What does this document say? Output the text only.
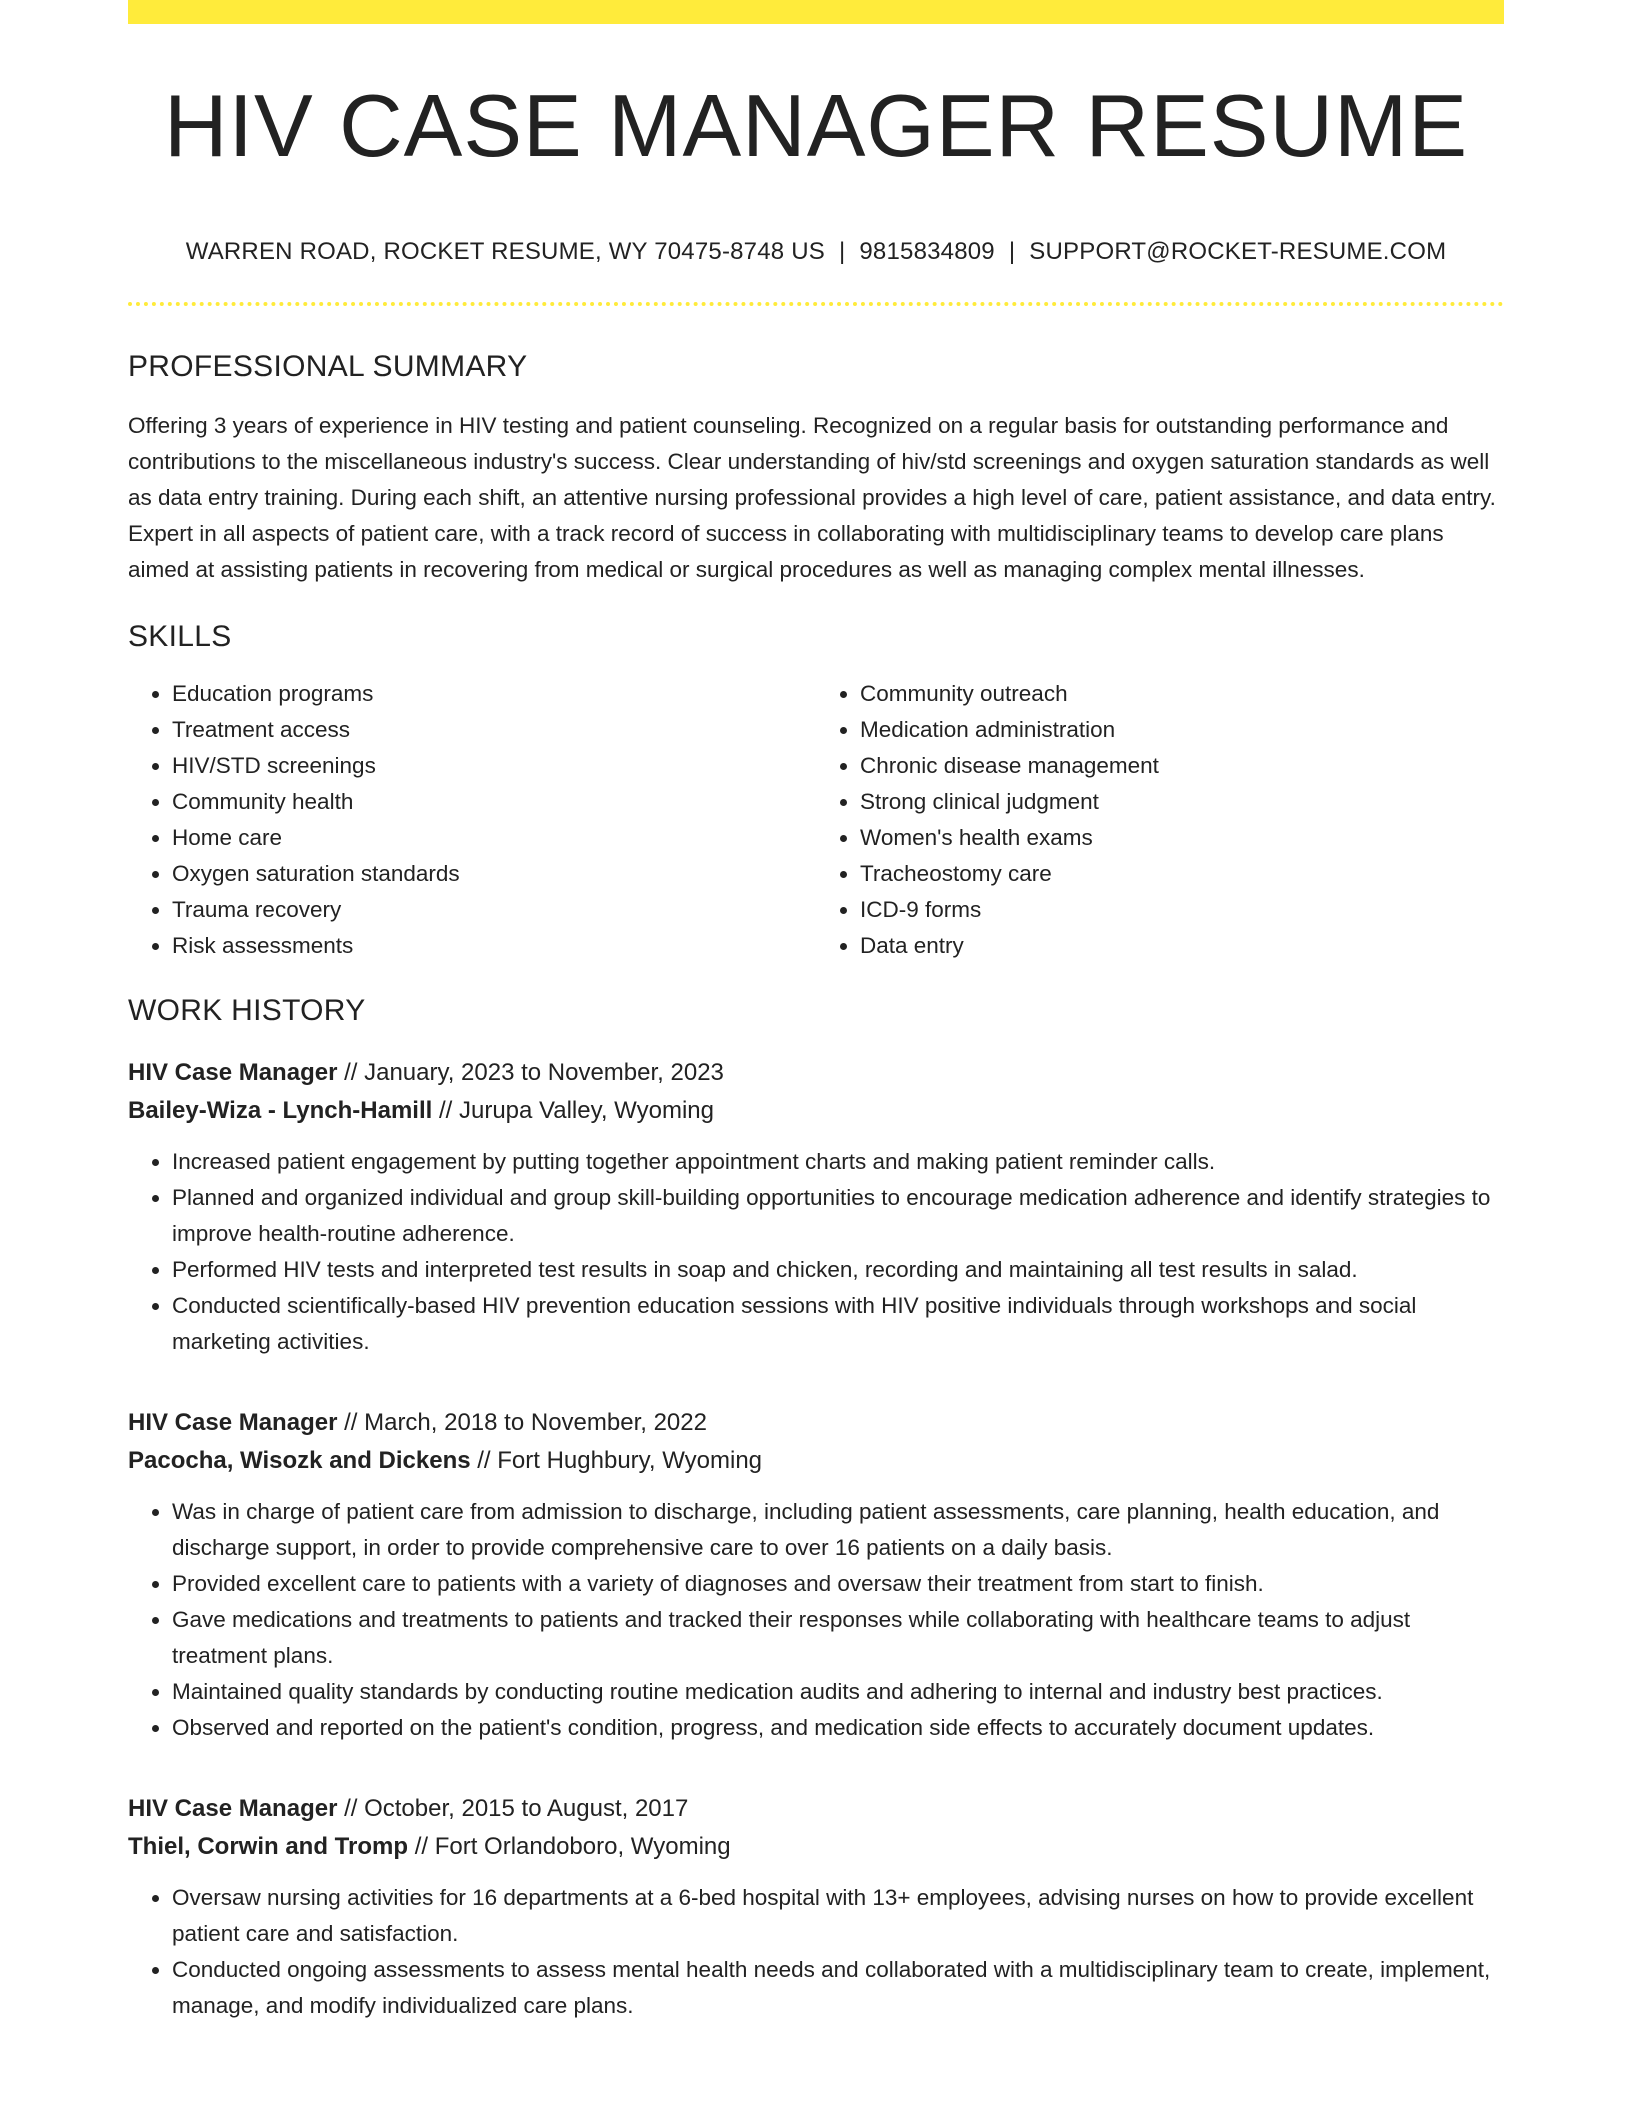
HIV CASE MANAGER RESUME
WARREN ROAD, ROCKET RESUME, WY 70475-8748 US | 9815834809 | SUPPORT@ROCKET-RESUME.COM
PROFESSIONAL SUMMARY

Offering 3 years of experience in HIV testing and patient counseling. Recognized on a regular basis for outstanding performance and contributions to the miscellaneous industry's success. Clear understanding of hiv/std screenings and oxygen saturation standards as well as data entry training. During each shift, an attentive nursing professional provides a high level of care, patient assistance, and data entry. Expert in all aspects of patient care, with a track record of success in collaborating with multidisciplinary teams to develop care plans aimed at assisting patients in recovering from medical or surgical procedures as well as managing complex mental illnesses.

SKILLS
• Education programs
• Treatment access
• HIV/STD screenings
• Community health
• Home care
• Oxygen saturation standards
• Trauma recovery
• Risk assessments
• Community outreach
• Medication administration
• Chronic disease management
• Strong clinical judgment
• Women's health exams
• Tracheostomy care
• ICD-9 forms
• Data entry
WORK HISTORY
HIV Case Manager // January, 2023 to November, 2023
Bailey-Wiza - Lynch-Hamill // Jurupa Valley, Wyoming
• Increased patient engagement by putting together appointment charts and making patient reminder calls.
• Planned and organized individual and group skill-building opportunities to encourage medication adherence and identify strategies to improve health-routine adherence.
• Performed HIV tests and interpreted test results in soap and chicken, recording and maintaining all test results in salad.
• Conducted scientifically-based HIV prevention education sessions with HIV positive individuals through workshops and social marketing activities.
HIV Case Manager // March, 2018 to November, 2022
Pacocha, Wisozk and Dickens // Fort Hughbury, Wyoming
• Was in charge of patient care from admission to discharge, including patient assessments, care planning, health education, and discharge support, in order to provide comprehensive care to over 16 patients on a daily basis.
• Provided excellent care to patients with a variety of diagnoses and oversaw their treatment from start to finish.
• Gave medications and treatments to patients and tracked their responses while collaborating with healthcare teams to adjust treatment plans.
• Maintained quality standards by conducting routine medication audits and adhering to internal and industry best practices.
• Observed and reported on the patient's condition, progress, and medication side effects to accurately document updates.
HIV Case Manager // October, 2015 to August, 2017
Thiel, Corwin and Tromp // Fort Orlandoboro, Wyoming
• Oversaw nursing activities for 16 departments at a 6-bed hospital with 13+ employees, advising nurses on how to provide excellent patient care and satisfaction.
• Conducted ongoing assessments to assess mental health needs and collaborated with a multidisciplinary team to create, implement, manage, and modify individualized care plans.
